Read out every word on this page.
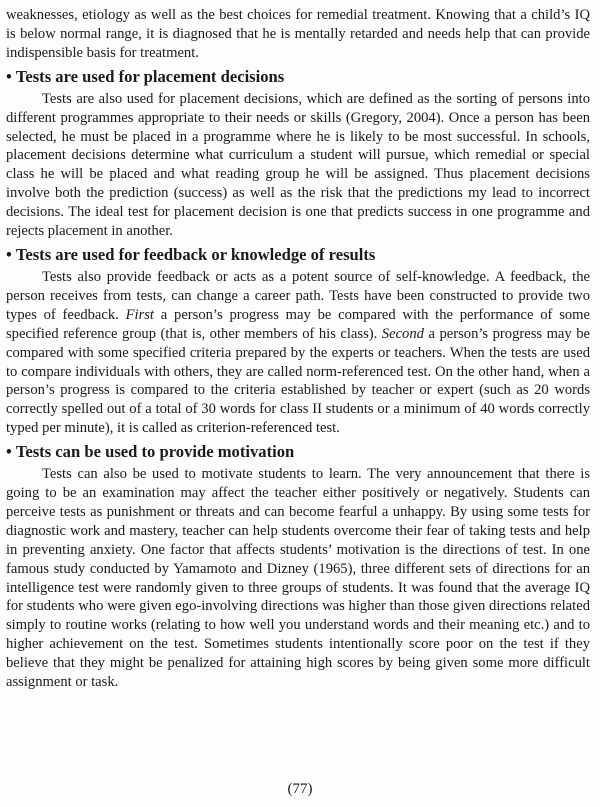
weaknesses, etiology as well as the best choices for remedial treatment. Knowing that a child’s IQ is below normal range, it is diagnosed that he is mentally retarded and needs help that can provide indispensible basis for treatment.

• Tests are used for placement decisions

Tests are also used for placement decisions, which are defined as the sorting of persons into different programmes appropriate to their needs or skills (Gregory, 2004). Once a person has been selected, he must be placed in a programme where he is likely to be most successful. In schools, placement decisions determine what curriculum a student will pursue, which remedial or special class he will be placed and what reading group he will be assigned. Thus placement decisions involve both the prediction (success) as well as the risk that the predictions my lead to incorrect decisions. The ideal test for placement decision is one that predicts success in one programme and rejects placement in another.

• Tests are used for feedback or knowledge of results

Tests also provide feedback or acts as a potent source of self-knowledge. A feedback, the person receives from tests, can change a career path. Tests have been constructed to provide two types of feedback. First a person’s progress may be compared with the performance of some specified reference group (that is, other members of his class). Second a person’s progress may be compared with some specified criteria prepared by the experts or teachers. When the tests are used to compare individuals with others, they are called norm-referenced test. On the other hand, when a person’s progress is compared to the criteria established by teacher or expert (such as 20 words correctly spelled out of a total of 30 words for class II students or a minimum of 40 words correctly typed per minute), it is called as criterion-referenced test.

• Tests can be used to provide motivation

Tests can also be used to motivate students to learn. The very announcement that there is going to be an examination may affect the teacher either positively or negatively. Students can perceive tests as punishment or threats and can become fearful a unhappy. By using some tests for diagnostic work and mastery, teacher can help students overcome their fear of taking tests and help in preventing anxiety. One factor that affects students’ motivation is the directions of test. In one famous study conducted by Yamamoto and Dizney (1965), three different sets of directions for an intelligence test were randomly given to three groups of students. It was found that the average IQ for students who were given ego-involving directions was higher than those given directions related simply to routine works (relating to how well you understand words and their meaning etc.) and to higher achievement on the test. Sometimes students intentionally score poor on the test if they believe that they might be penalized for attaining high scores by being given some more difficult assignment or task.

(77)
